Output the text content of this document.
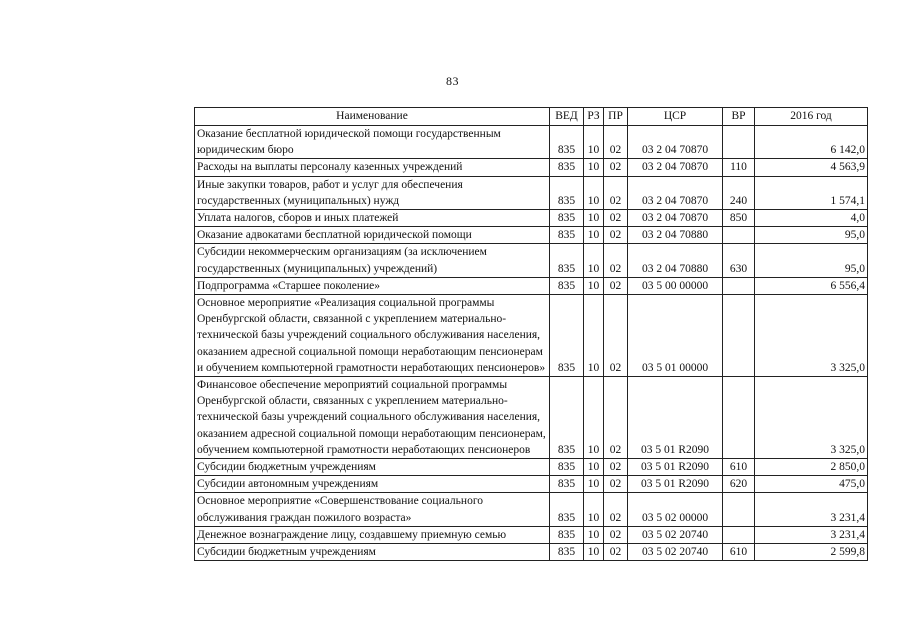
83
Наименование	ВЕД	РЗ	ПР	ЦСР	ВР	2016 год
Оказание бесплатной юридической помощи государственным юридическим бюро	835	10	02	03 2 04 70870		6 142,0
Расходы на выплаты персоналу казенных учреждений	835	10	02	03 2 04 70870	110	4 563,9
Иные закупки товаров, работ и услуг для обеспечения государственных (муниципальных) нужд	835	10	02	03 2 04 70870	240	1 574,1
Уплата налогов, сборов и иных платежей	835	10	02	03 2 04 70870	850	4,0
Оказание адвокатами бесплатной юридической помощи	835	10	02	03 2 04 70880		95,0
Субсидии некоммерческим организациям (за исключением государственных (муниципальных) учреждений)	835	10	02	03 2 04 70880	630	95,0
Подпрограмма «Старшее поколение»	835	10	02	03 5 00 00000		6 556,4
Основное мероприятие «Реализация социальной программы Оренбургской области, связанной с укреплением материально-технической базы учреждений социального обслуживания населения, оказанием адресной социальной помощи неработающим пенсионерам и обучением компьютерной грамотности неработающих пенсионеров»	835	10	02	03 5 01 00000		3 325,0
Финансовое обеспечение мероприятий социальной программы Оренбургской области, связанных с укреплением материально-технической базы учреждений социального обслуживания населения, оказанием адресной социальной помощи неработающим пенсионерам, обучением компьютерной грамотности неработающих пенсионеров	835	10	02	03 5 01 R2090		3 325,0
Субсидии бюджетным учреждениям	835	10	02	03 5 01 R2090	610	2 850,0
Субсидии автономным учреждениям	835	10	02	03 5 01 R2090	620	475,0
Основное мероприятие «Совершенствование социального обслуживания граждан пожилого возраста»	835	10	02	03 5 02 00000		3 231,4
Денежное вознаграждение лицу, создавшему приемную семью	835	10	02	03 5 02 20740		3 231,4
Субсидии бюджетным учреждениям	835	10	02	03 5 02 20740	610	2 599,8
